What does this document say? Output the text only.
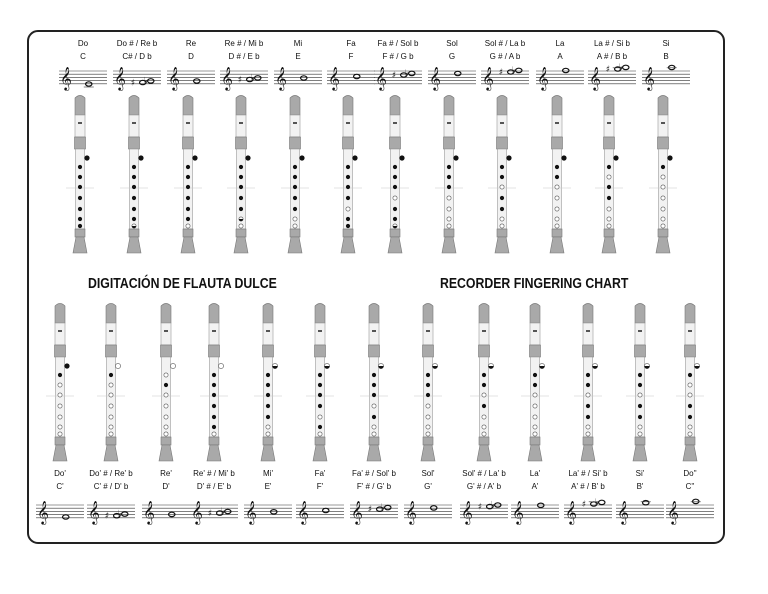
Do
C
𝄞
Do # / Re b
C# / D b
𝄞 ♯ ♭
Re
D
𝄞
Re # / Mi b
D # / E b
𝄞 ♯ ♭
Mi
E
𝄞
Fa
F
𝄞
Fa # / Sol b
F # / G b
𝄞 ♯ ♭
Sol
G
𝄞
Sol # / La b
G # / A b
𝄞 ♯ ♭
La
A
𝄞
La # / Si b
A # / B b
𝄞 ♯ ♭
Si
B
𝄞
Do'
C'
𝄞
Do' # / Re' b
C' # / D' b
𝄞 ♯ ♭
Re'
D'
𝄞
Re' # / Mi' b
D' # / E' b
𝄞 ♯ ♭
Mi'
E'
𝄞
Fa'
F'
𝄞
Fa' # / Sol' b
F' # / G' b
𝄞 ♯ ♭
Sol'
G'
𝄞
Sol' # / La' b
G' # / A' b
𝄞 ♯ ♭
La'
A'
𝄞
La' # / Si' b
A' # / B' b
𝄞 ♯ ♭
Si'
B'
𝄞
Do''
C''
𝄞
DIGITACIÓN DE FLAUTA DULCE	RECORDER FINGERING CHART
